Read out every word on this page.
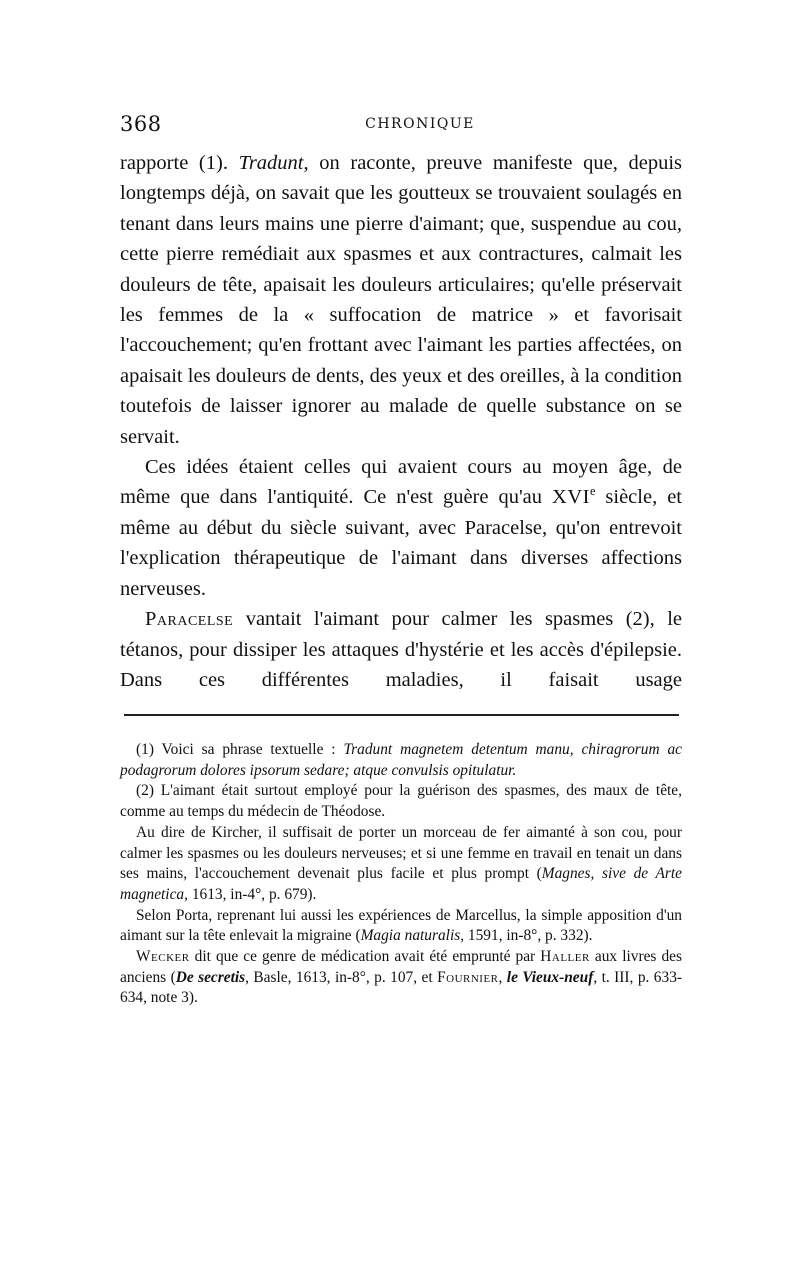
368	CHRONIQUE

rapporte (1). Tradunt, on raconte, preuve manifeste que, depuis longtemps déjà, on savait que les goutteux se trouvaient soulagés en tenant dans leurs mains une pierre d'aimant; que, suspendue au cou, cette pierre remédiait aux spasmes et aux contractures, calmait les douleurs de tête, apaisait les douleurs articulaires; qu'elle préservait les femmes de la « suffocation de matrice » et favorisait l'accouchement; qu'en frottant avec l'aimant les parties affectées, on apaisait les douleurs de dents, des yeux et des oreilles, à la condition toutefois de laisser ignorer au malade de quelle substance on se servait.

Ces idées étaient celles qui avaient cours au moyen âge, de même que dans l'antiquité. Ce n'est guère qu'au XVIe siècle, et même au début du siècle suivant, avec Paracelse, qu'on entrevoit l'explication thérapeutique de l'aimant dans diverses affections nerveuses.

Paracelse vantait l'aimant pour calmer les spasmes (2), le tétanos, pour dissiper les attaques d'hystérie et les accès d'épilepsie. Dans ces différentes maladies, il faisait usage

(1) Voici sa phrase textuelle : Tradunt magnetem detentum manu, chiragrorum ac podagrorum dolores ipsorum sedare; atque convulsis opitulatur.

(2) L'aimant était surtout employé pour la guérison des spasmes, des maux de tête, comme au temps du médecin de Théodose.

Au dire de Kircher, il suffisait de porter un morceau de fer aimanté à son cou, pour calmer les spasmes ou les douleurs nerveuses; et si une femme en travail en tenait un dans ses mains, l'accouchement devenait plus facile et plus prompt (Magnes, sive de Arte magnetica, 1613, in-4°, p. 679).

Selon Porta, reprenant lui aussi les expériences de Marcellus, la simple apposition d'un aimant sur la tête enlevait la migraine (Magia naturalis, 1591, in-8°, p. 332).

Wecker dit que ce genre de médication avait été emprunté par Haller aux livres des anciens (De secretis, Basle, 1613, in-8°, p. 107, et Fournier, le Vieux-neuf, t. III, p. 633-634, note 3).
